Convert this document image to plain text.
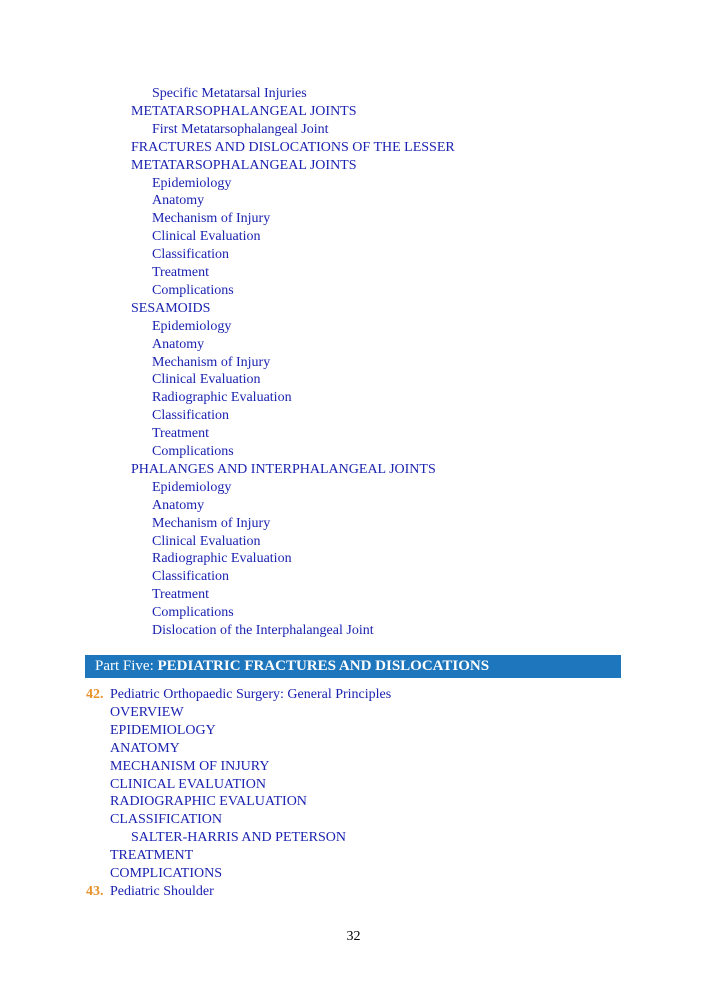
Specific Metatarsal Injuries
METATARSOPHALANGEAL JOINTS
First Metatarsophalangeal Joint
FRACTURES AND DISLOCATIONS OF THE LESSER
METATARSOPHALANGEAL JOINTS
Epidemiology
Anatomy
Mechanism of Injury
Clinical Evaluation
Classification
Treatment
Complications
SESAMOIDS
Epidemiology
Anatomy
Mechanism of Injury
Clinical Evaluation
Radiographic Evaluation
Classification
Treatment
Complications
PHALANGES AND INTERPHALANGEAL JOINTS
Epidemiology
Anatomy
Mechanism of Injury
Clinical Evaluation
Radiographic Evaluation
Classification
Treatment
Complications
Dislocation of the Interphalangeal Joint
Part Five: PEDIATRIC FRACTURES AND DISLOCATIONS
42. Pediatric Orthopaedic Surgery: General Principles
OVERVIEW
EPIDEMIOLOGY
ANATOMY
MECHANISM OF INJURY
CLINICAL EVALUATION
RADIOGRAPHIC EVALUATION
CLASSIFICATION
SALTER-HARRIS AND PETERSON
TREATMENT
COMPLICATIONS
43. Pediatric Shoulder
32
